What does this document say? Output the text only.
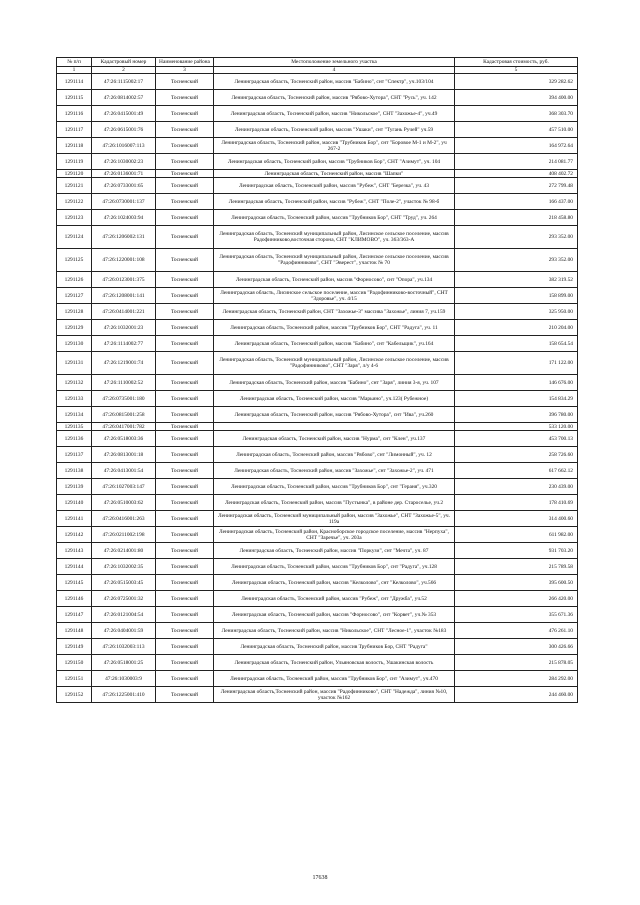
№ п/п	Кадастровый номер	Наименование района	Местоположение земельного участка	Кадастровая стоимость, руб.
1	2	3	4	5
1291114	47:26:1115002:17	Тосненский	Ленинградская область, Тосненский район, массив "Бабино", снт "Спектр", уч.103/104	329 282.62
1291115	47:26:0814002:57	Тосненский	Ленинградская область, Тосненский район, массив "Рябово-Хутора", СНТ "Русь", уч. 142	394 400.00
1291116	47:26:0415001:49	Тосненский	Ленинградская область, Тосненский район, массив "Никольское", СНТ "Захожье-4", уч.49	368 303.70
1291117	47:26:0615001:76	Тосненский	Ленинградская область, Тосненский район, массив "Ушаки", снт "Тугань Ручей" уч.59	457 510.00
1291118	47:26:1016007:113	Тосненский	Ленинградская область, Тосненский район, массив "Трубников Бор", снт "Боровое М-1 и М-2", уч 267-2	164 972.64
1291119	47:26:1030002:23	Тосненский	Ленинградская область, Тосненский район, массив "Трубников Бор", СНТ "Азимут", уч. 104	214 081.77
1291120	47:26:0136001:71	Тосненский	Ленинградская область, Тосненский район, массив "Шапки"	408 402.72
1291121	47:26:0733001:65	Тосненский	Ленинградская область, Тосненский район, массив "Рубеж", СНТ "Березка", уч. 43	272 799.48
1291122	47:26:0730001:137	Тосненский	Ленинградская область, Тосненский район, массив "Рубеж", СНТ "Поле-2", участок № 98-б	166 437.00
1291123	47:26:1024003:94	Тосненский	Ленинградская область, Тосненский район, массив "Трубников Бор", СНТ "Труд", уч. 264	218 458.80
1291124	47:26:1206002:131	Тосненский	Ленинградская область, Тосненский муниципальный район, Лисинское сельское поселение, массив Радофинниково,восточная сторона, СНТ "КЛИМОВО", уч. 363/363-А	293 352.00
1291125	47:26:1220001:108	Тосненский	Ленинградская область, Тосненский муниципальный район, Лисинское сельское поселение, массив "Радофинниково", СНТ "Эверест", участок № 70	293 352.00
1291126	47:26:0123001:375	Тосненский	Ленинградская область, Тосненский район, массив "Форносово", снт "Опора", уч.134	382 319.52
1291127	47:26:1208001:141	Тосненский	Ленинградская область, Лисинское сельское поселение, массив "Радофинниково-восточный", СНТ "Здоровье", уч. 4/15	158 899.00
1291128	47:26:0414001:221	Тосненский	Ленинградская область, Тосненский район, СНТ "Захожье-3" массива "Захожье", линия 7, уч.159	325 950.00
1291129	47:26:1032001:23	Тосненский	Ленинградская область, Тосненский район, массив "Трубников Бор", СНТ "Радуга", уч. 11	210 204.00
1291130	47:26:1114002:77	Тосненский	Ленинградская область, Тосненский район, массив "Бабино", снт "Кабельщик", уч.164	158 654.54
1291131	47:26:1219001:74	Тосненский	Ленинградская область, Тосненский муниципальный район, Лисинское сельское поселение, массив "Радофинниково", СНТ "Заря", л/у 4-6	171 122.00
1291132	47:26:1110002:52	Тосненский	Ленинградская область, Тосненский район, массив "Бабино", снт "Заря", линия 3-я, уч. 107	146 676.00
1291133	47:26:0735001:180	Тосненский	Ленинградская область, Тосненский район, массив "Марьино", уч.123( Рубежное)	154 834.29
1291134	47:26:0815001:258	Тосненский	Ленинградская область, Тосненский район, массив "Рябово-Хутора", снт "Ива", уч.260	396 780.00
1291135	47:26:0417001:782	Тосненский		533 120.00
1291136	47:26:0518003:36	Тосненский	Ленинградская область, Тосненский район, массив "Нурма", снт "Клен", уч.137	453 700.13
1291137	47:26:0813001:18	Тосненский	Ленинградская область, Тосненский район, массив "Рябово", снт "Лимонный", уч. 12	258 726.60
1291138	47:26:0413001:54	Тосненский	Ленинградская область, Тосненский район, массив "Захожье", снт "Захожье-2", уч. 471	617 662.12
1291139	47:26:1027003:147	Тосненский	Ленинградская область, Тосненский район, массив "Трубников Бор", снт "Гераня", уч.320	230 439.00
1291140	47:26:0510003:62	Тосненский	Ленинградская область, Тосненский район, массив "Пустынка", в районе дер. Староселье, уч.2	178 410.69
1291141	47:26:0416001:263	Тосненский	Ленинградская область, Тосненский муниципальный район, массив "Захожье", СНТ "Захожье-5", уч. 119а	314 400.60
1291142	47:26:0211002:198	Тосненский	Ленинградская область, Тосненский район, Красноборское городское поселение, массив "Нерпуха", СНТ "Заречье", уч. 203а	611 982.00
1291143	47:26:0214001:80	Тосненский	Ленинградская область, Тосненский район, массив "Поркузи", снт "Мечта", уч. 87	931 703.20
1291144	47:26:1032002:35	Тосненский	Ленинградская область, Тосненский район, массив "Трубников Бор", снт "Радуга", уч.128	215 789.58
1291145	47:26:0515003:45	Тосненский	Ленинградская область, Тосненский район, массив "Келколово", снт "Келколово", уч.566	395 600.50
1291146	47:26:0725001:32	Тосненский	Ленинградская область, Тосненский район, массив "Рубеж", снт "Дружба", уч.52	266 420.00
1291147	47:26:0121004:54	Тосненский	Ленинградская область, Тосненский район, массив "Форносово", снт "Корвет", уч.№ 353	355 671.36
1291148	47:26:0404001:59	Тосненский	Ленинградская область, Тосненский район, массив "Никольское", СНТ "Лесное-1", участок №183	476 261.10
1291149	47:26:1032003:113	Тосненский	Ленинградская область, Тосненский район, массив Трубников Бор, СНТ "Радуга"	300 426.66
1291150	47:26:0518001:25	Тосненский	Ленинградская область, Тосненский район, Ульяновская волость, Ушакинская волость	215 878.05
1291151	47:26:1030003:9	Тосненский	Ленинградская область, Тосненский район, массив "Трубников Бор", снт "Азимут", уч.470	284 292.00
1291152	47:26:1225001:410	Тосненский	Ленинградская область,Тосненский район, массив "Радофинниково", СНТ "Надежда", линия №10, участок №162	244 460.00
17638
